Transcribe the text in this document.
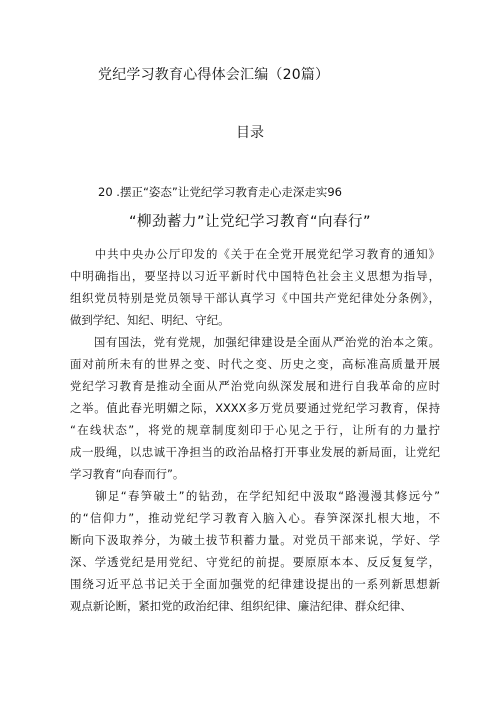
党纪学习教育心得体会汇编（20篇）
目录
20 .摆正“姿态”让党纪学习教育走心走深走实96
“柳劲蓄力”让党纪学习教育“向春行”
　　中共中央办公厅印发的《关于在全党开展党纪学习教育的通知》
中明确指出，要坚持以习近平新时代中国特色社会主义思想为指导，
组织党员特别是党员领导干部认真学习《中国共产党纪律处分条例》，
做到学纪、知纪、明纪、守纪。
　　国有国法，党有党规，加强纪律建设是全面从严治党的治本之策。
面对前所未有的世界之变、时代之变、历史之变，高标准高质量开展
党纪学习教育是推动全面从严治党向纵深发展和进行自我革命的应时
之举。值此春光明媚之际，XXXX多万党员要通过党纪学习教育，保持
“在线状态”，将党的规章制度刻印于心见之于行，让所有的力量拧
成一股绳，以忠诚干净担当的政治品格打开事业发展的新局面，让党纪
学习教育“向春而行”。
　　铆足“春笋破土”的钻劲，在学纪知纪中汲取“路漫漫其修远兮”
的“信仰力”，推动党纪学习教育入脑入心。春笋深深扎根大地，不
断向下汲取养分，为破土拔节积蓄力量。对党员干部来说，学好、学
深、学透党纪是用党纪、守党纪的前提。要原原本本、反反复复学，
围绕习近平总书记关于全面加强党的纪律建设提出的一系列新思想新
观点新论断，紧扣党的政治纪律、组织纪律、廉洁纪律、群众纪律、
